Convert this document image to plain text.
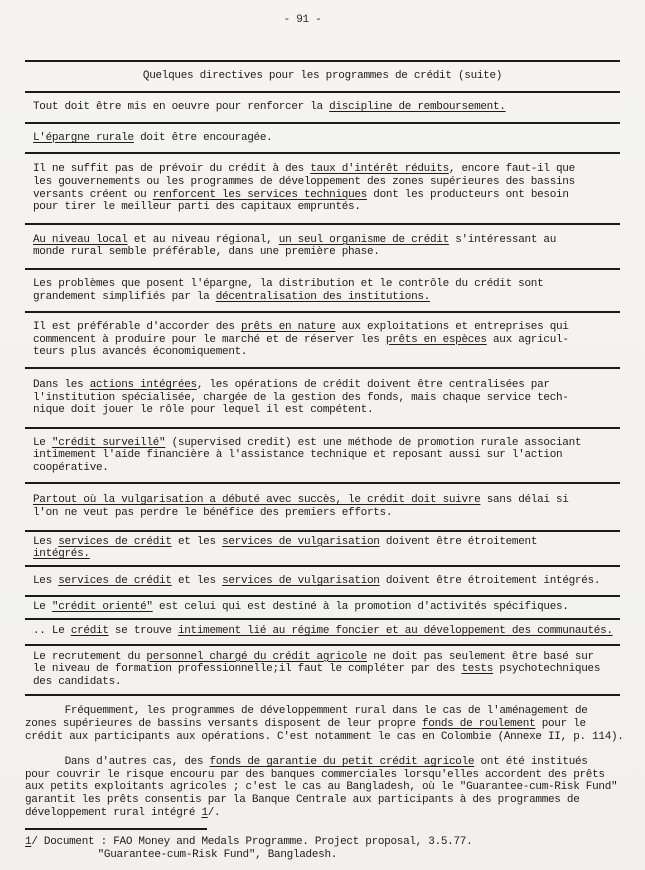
- 91 -
Quelques directives pour les programmes de crédit (suite)
Tout doit être mis en oeuvre pour renforcer la discipline de remboursement.
L'épargne rurale doit être encouragée.
Il ne suffit pas de prévoir du crédit à des taux d'intérêt réduits, encore faut-il que
les gouvernements ou les programmes de développement des zones supérieures des bassins
versants créent ou renforcent les services techniques dont les producteurs ont besoin
pour tirer le meilleur parti des capitaux empruntés.
Au niveau local et au niveau régional, un seul organisme de crédit s'intéressant au
monde rural semble préférable, dans une première phase.
Les problèmes que posent l'épargne, la distribution et le contrôle du crédit sont
grandement simplifiés par la décentralisation des institutions.
Il est préférable d'accorder des prêts en nature aux exploitations et entreprises qui
commencent à produire pour le marché et de réserver les prêts en espèces aux agricul-
teurs plus avancés économiquement.
Dans les actions intégrées, les opérations de crédit doivent être centralisées par
l'institution spécialisée, chargée de la gestion des fonds, mais chaque service tech-
nique doit jouer le rôle pour lequel il est compétent.
Le "crédit surveillé" (supervised credit) est une méthode de promotion rurale associant
intimement l'aide financière à l'assistance technique et reposant aussi sur l'action
coopérative.
Partout où la vulgarisation a débuté avec succès, le crédit doit suivre sans délai si
l'on ne veut pas perdre le bénéfice des premiers efforts.
Les services de crédit et les services de vulgarisation doivent être étroitement
intégrés.
Les services de crédit et les services de vulgarisation doivent être étroitement intégrés.
Le "crédit orienté" est celui qui est destiné à la promotion d'activités spécifiques.
.. Le crédit se trouve intimement lié au régime foncier et au développement des communautés.
Le recrutement du personnel chargé du crédit agricole ne doit pas seulement être basé sur
le niveau de formation professionnelle;il faut le compléter par des tests psychotechniques
des candidats.
Fréquemment, les programmes de développemment rural dans le cas de l'aménagement de
zones supérieures de bassins versants disposent de leur propre fonds de roulement pour le
crédit aux participants aux opérations. C'est notamment le cas en Colombie (Annexe II, p. 114).
Dans d'autres cas, des fonds de garantie du petit crédit agricole ont été institués
pour couvrir le risque encouru par des banques commerciales lorsqu'elles accordent des prêts
aux petits exploitants agricoles ; c'est le cas au Bangladesh, où le "Guarantee-cum-Risk Fund"
garantit les prêts consentis par la Banque Centrale aux participants à des programmes de
développement rural intégré 1/.
1/ Document : FAO Money and Medals Programme. Project proposal, 3.5.77.
"Guarantee-cum-Risk Fund", Bangladesh.
